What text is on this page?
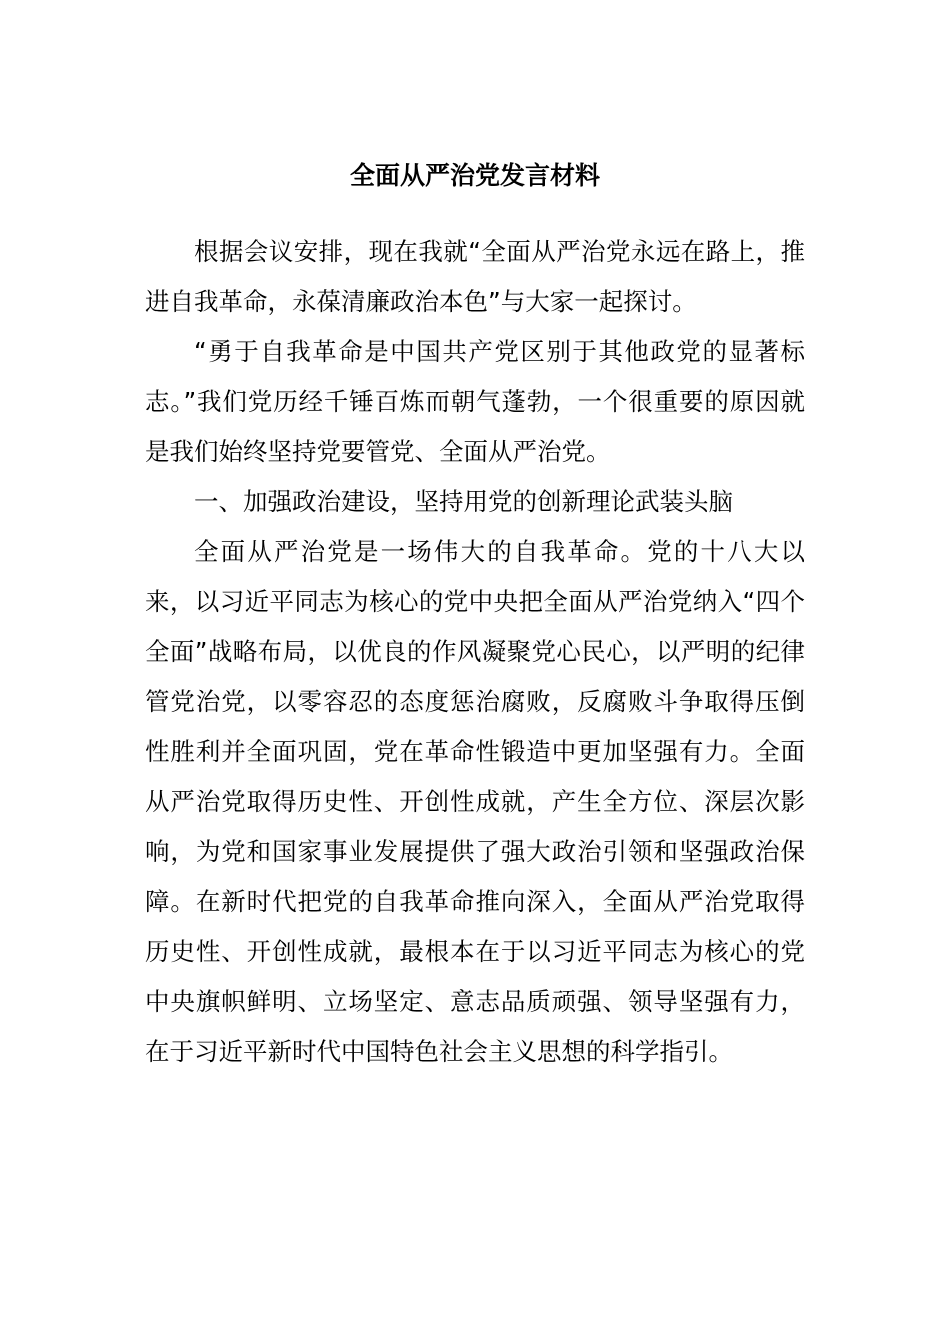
全面从严治党发言材料

根据会议安排，现在我就“全面从严治党永远在路上，推进自我革命，永葆清廉政治本色”与大家一起探讨。

“勇于自我革命是中国共产党区别于其他政党的显著标志。”我们党历经千锤百炼而朝气蓬勃，一个很重要的原因就是我们始终坚持党要管党、全面从严治党。

一、加强政治建设，坚持用党的创新理论武装头脑

全面从严治党是一场伟大的自我革命。党的十八大以来，以习近平同志为核心的党中央把全面从严治党纳入“四个全面”战略布局，以优良的作风凝聚党心民心，以严明的纪律管党治党，以零容忍的态度惩治腐败，反腐败斗争取得压倒性胜利并全面巩固，党在革命性锻造中更加坚强有力。全面从严治党取得历史性、开创性成就，产生全方位、深层次影响，为党和国家事业发展提供了强大政治引领和坚强政治保障。在新时代把党的自我革命推向深入，全面从严治党取得历史性、开创性成就，最根本在于以习近平同志为核心的党中央旗帜鲜明、立场坚定、意志品质顽强、领导坚强有力，在于习近平新时代中国特色社会主义思想的科学指引。
